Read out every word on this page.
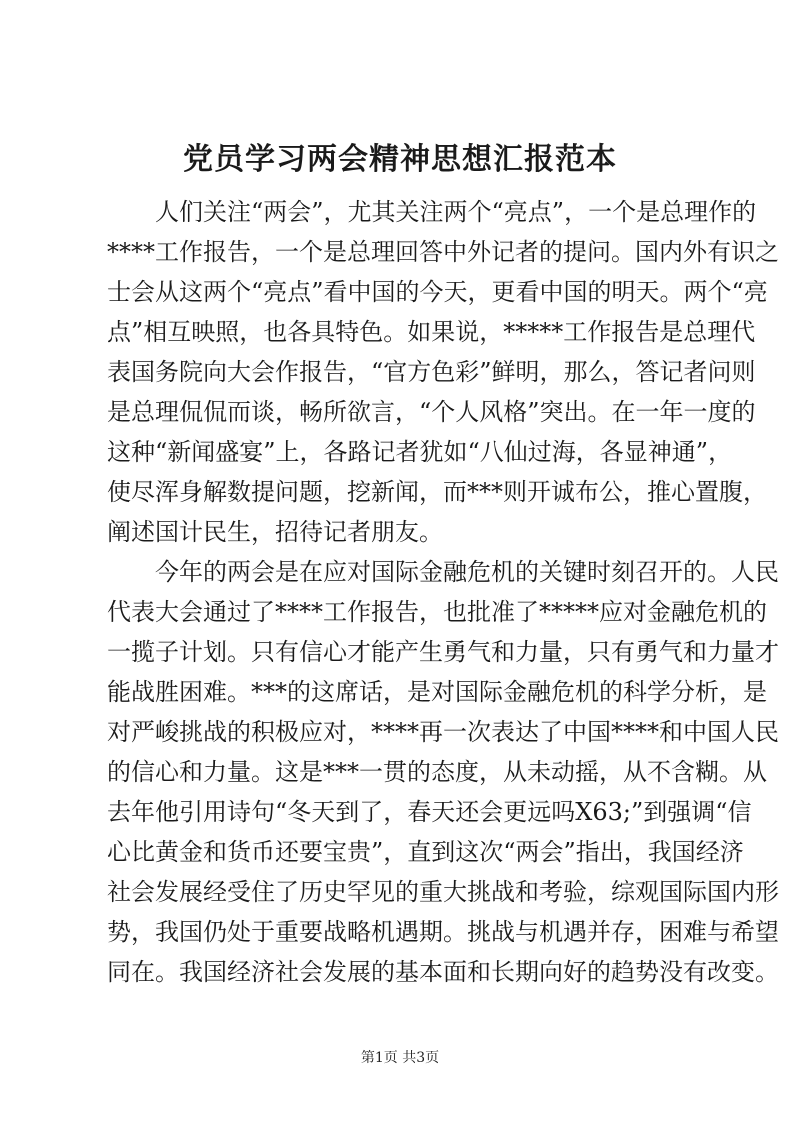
党员学习两会精神思想汇报范本
　　人们关注“两会”，尤其关注两个“亮点”，一个是总理作的
****工作报告，一个是总理回答中外记者的提问。国内外有识之
士会从这两个“亮点”看中国的今天，更看中国的明天。两个“亮
点”相互映照，也各具特色。如果说，*****工作报告是总理代
表国务院向大会作报告，“官方色彩”鲜明，那么，答记者问则
是总理侃侃而谈，畅所欲言，“个人风格”突出。在一年一度的
这种“新闻盛宴”上，各路记者犹如“八仙过海，各显神通”，
使尽浑身解数提问题，挖新闻，而***则开诚布公，推心置腹，
阐述国计民生，招待记者朋友。
　　今年的两会是在应对国际金融危机的关键时刻召开的。人民
代表大会通过了****工作报告，也批准了*****应对金融危机的
一揽子计划。只有信心才能产生勇气和力量，只有勇气和力量才
能战胜困难。***的这席话，是对国际金融危机的科学分析，是
对严峻挑战的积极应对，****再一次表达了中国****和中国人民
的信心和力量。这是***一贯的态度，从未动摇，从不含糊。从
去年他引用诗句“冬天到了，春天还会更远吗X63;”到强调“信
心比黄金和货币还要宝贵”，直到这次“两会”指出，我国经济
社会发展经受住了历史罕见的重大挑战和考验，综观国际国内形
势，我国仍处于重要战略机遇期。挑战与机遇并存，困难与希望
同在。我国经济社会发展的基本面和长期向好的趋势没有改变。
第1页 共3页
